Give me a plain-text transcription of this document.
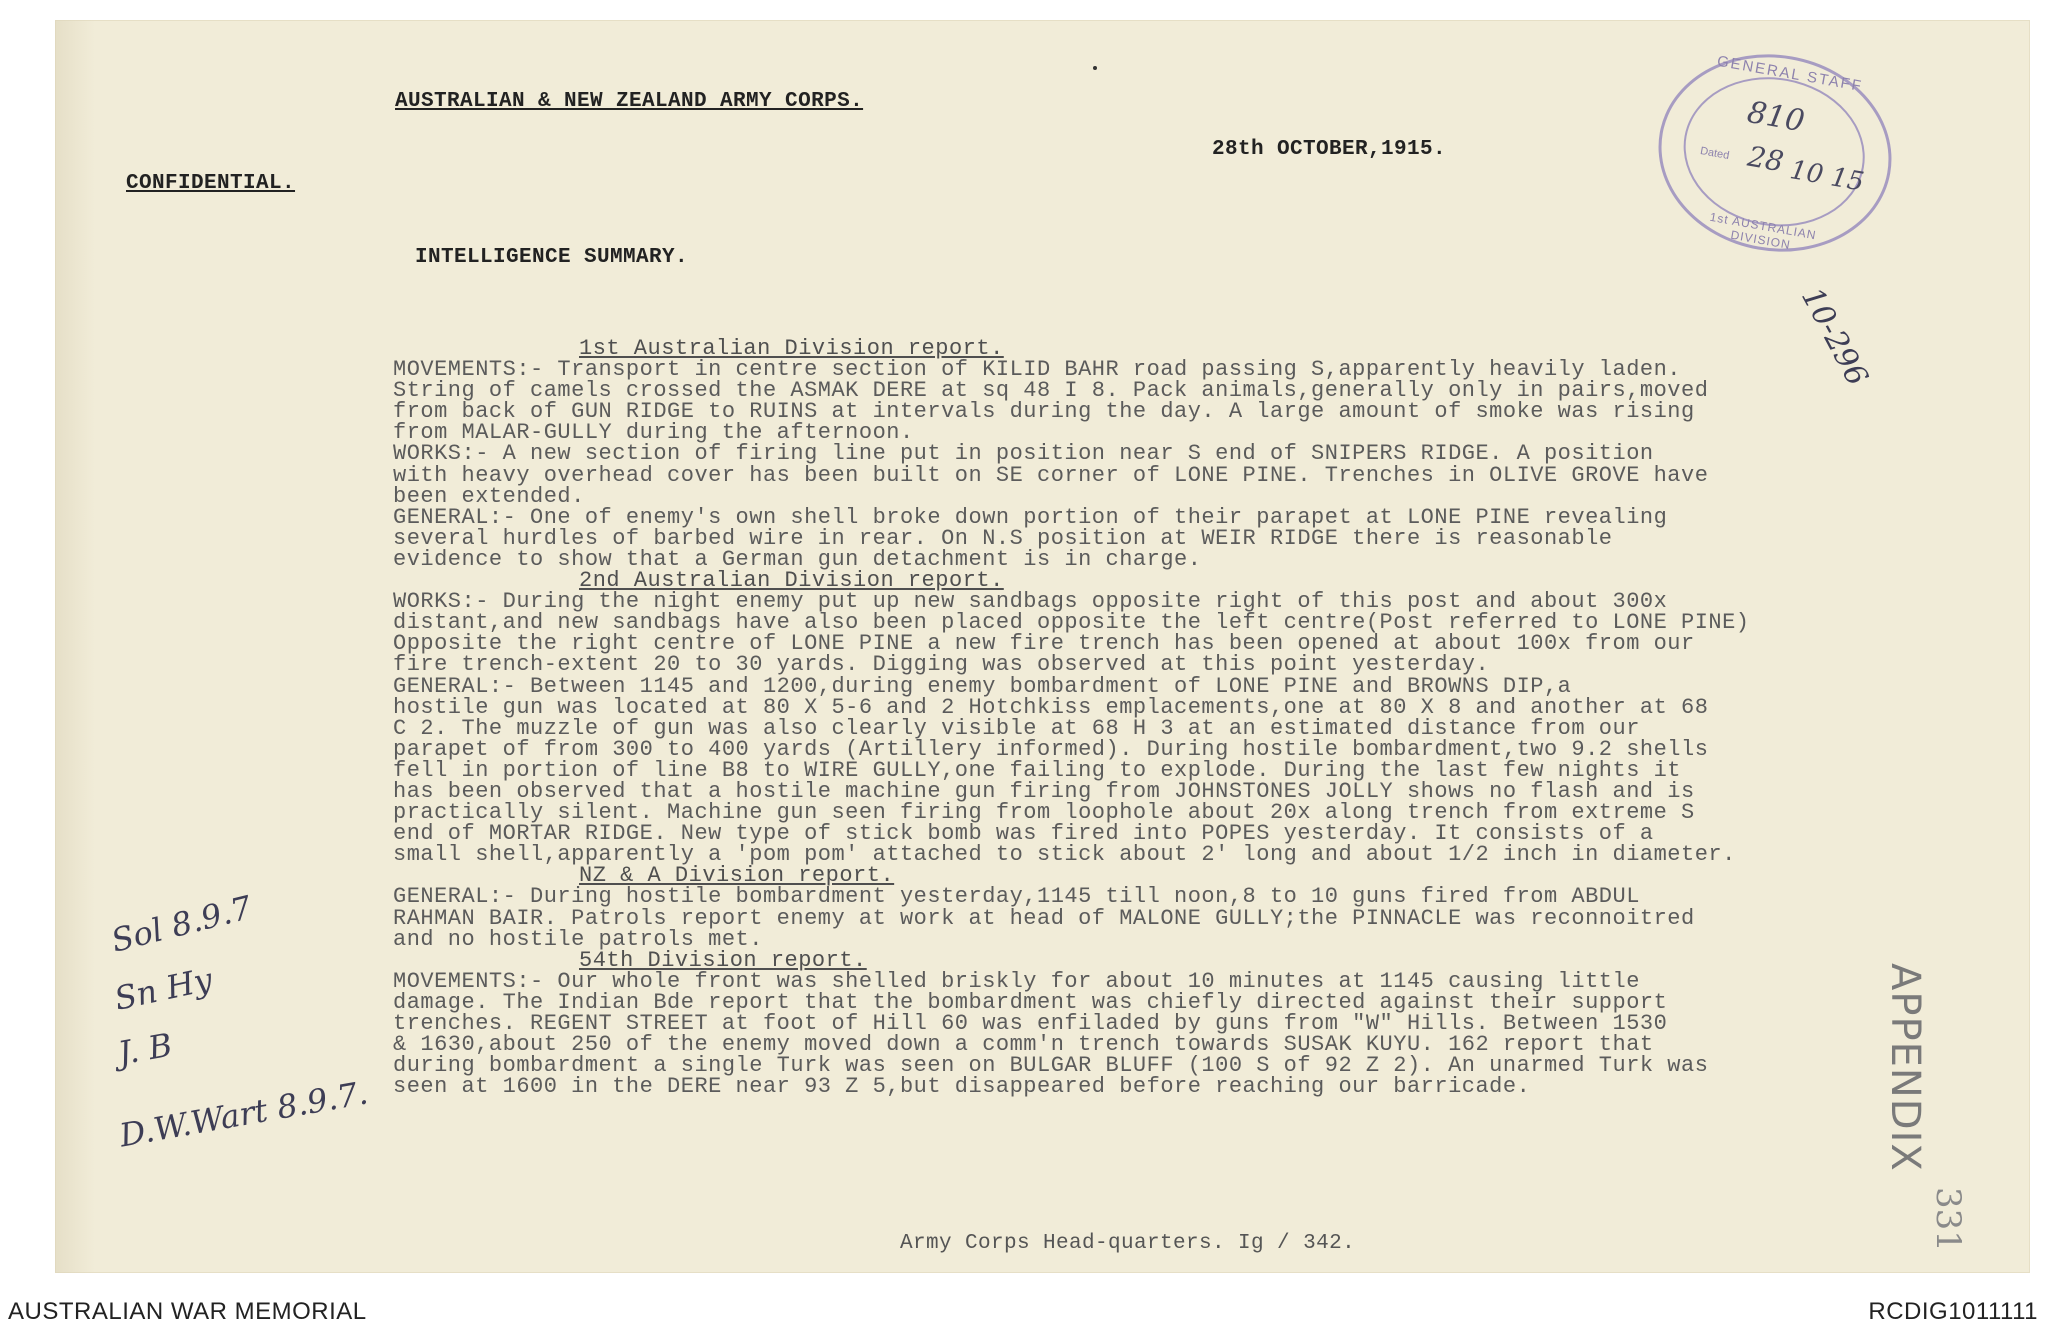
AUSTRALIAN & NEW ZEALAND ARMY CORPS.
28th OCTOBER,1915.
CONFIDENTIAL.
INTELLIGENCE SUMMARY.
1st Australian Division report.
MOVEMENTS:- Transport in centre section of KILID BAHR road passing S,apparently heavily laden.
String of camels crossed the ASMAK DERE at sq 48 I 8. Pack animals,generally only in pairs,moved
from back of GUN RIDGE to RUINS at intervals during the day. A large amount of smoke was rising
from MALAR-GULLY during the afternoon.
WORKS:- A new section of firing line put in position near S end of SNIPERS RIDGE. A position
with heavy overhead cover has been built on SE corner of LONE PINE. Trenches in OLIVE GROVE have
been extended.
GENERAL:- One of enemy's own shell broke down portion of their parapet at LONE PINE revealing
several hurdles of barbed wire in rear. On N.S position at WEIR RIDGE there is reasonable
evidence to show that a German gun detachment is in charge.
2nd Australian Division report.
WORKS:- During the night enemy put up new sandbags opposite right of this post and about 300x
distant,and new sandbags have also been placed opposite the left centre(Post referred to LONE PINE)
Opposite the right centre of LONE PINE a new fire trench has been opened at about 100x from our
fire trench-extent 20 to 30 yards. Digging was observed at this point yesterday.
GENERAL:- Between 1145 and 1200,during enemy bombardment of LONE PINE and BROWNS DIP,a
hostile gun was located at 80 X 5-6 and 2 Hotchkiss emplacements,one at 80 X 8 and another at 68
C 2. The muzzle of gun was also clearly visible at 68 H 3 at an estimated distance from our
parapet of from 300 to 400 yards (Artillery informed). During hostile bombardment,two 9.2 shells
fell in portion of line B8 to WIRE GULLY,one failing to explode. During the last few nights it
has been observed that a hostile machine gun firing from JOHNSTONES JOLLY shows no flash and is
practically silent. Machine gun seen firing from loophole about 20x along trench from extreme S
end of MORTAR RIDGE. New type of stick bomb was fired into POPES yesterday. It consists of a
small shell,apparently a 'pom pom' attached to stick about 2' long and about 1/2 inch in diameter.
NZ & A Division report.
GENERAL:- During hostile bombardment yesterday,1145 till noon,8 to 10 guns fired from ABDUL
RAHMAN BAIR. Patrols report enemy at work at head of MALONE GULLY;the PINNACLE was reconnoitred
and no hostile patrols met.
54th Division report.
MOVEMENTS:- Our whole front was shelled briskly for about 10 minutes at 1145 causing little
damage. The Indian Bde report that the bombardment was chiefly directed against their support
trenches. REGENT STREET at foot of Hill 60 was enfiladed by guns from "W" Hills. Between 1530
& 1630,about 250 of the enemy moved down a comm'n trench towards SUSAK KUYU. 162 report that
during bombardment a single Turk was seen on BULGAR BLUFF (100 S of 92 Z 2). An unarmed Turk was
seen at 1600 in the DERE near 93 Z 5,but disappeared before reaching our barricade.
Army Corps Head-quarters. Ig / 342.
GENERAL STAFF
1st AUSTRALIAN DIVISION
Dated
810
28 10 15
10-296
Sol 8.9.7
Sn Hy
J. B
D.W.Wart 8.9.7.	APPENDIX
331
AUSTRALIAN WAR MEMORIAL	RCDIG1011111
